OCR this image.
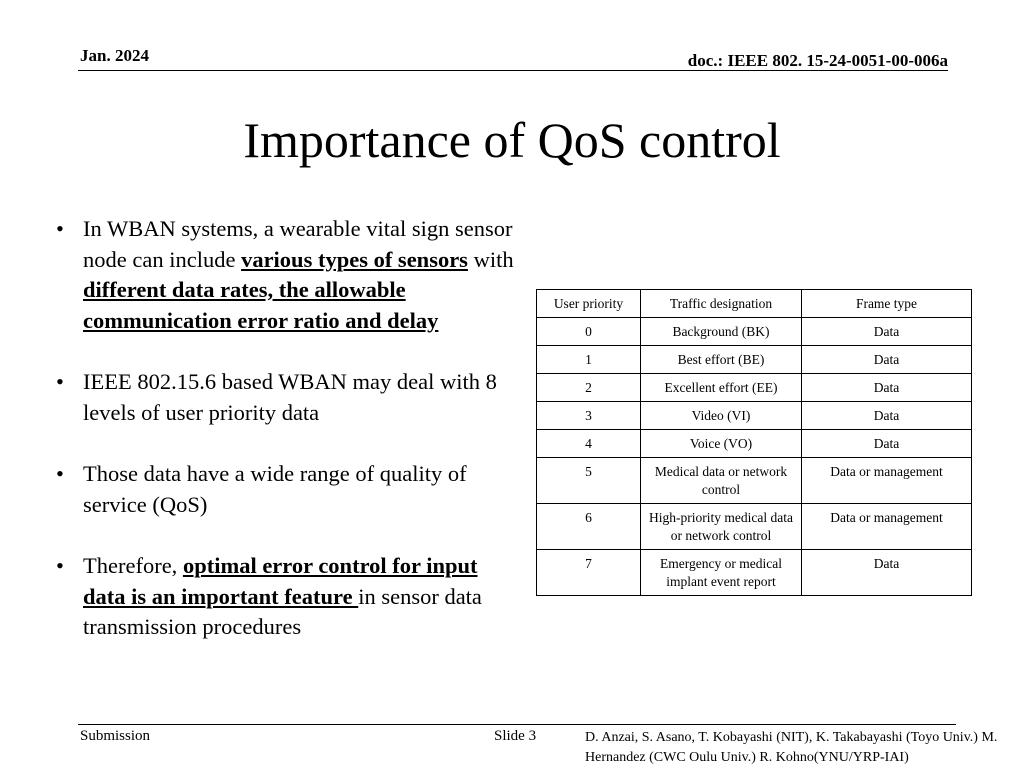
Jan. 2024	doc.: IEEE 802. 15-24-0051-00-006a
Importance of QoS control
• In WBAN systems, a wearable vital sign sensor node can include various types of sensors with different data rates, the allowable communication error ratio and delay
• IEEE 802.15.6 based WBAN may deal with 8 levels of user priority data
• Those data have a wide range of quality of service (QoS)
• Therefore, optimal error control for input data is an important feature in sensor data transmission procedures
User priority	Traffic designation	Frame type
0	Background (BK)	Data
1	Best effort (BE)	Data
2	Excellent effort (EE)	Data
3	Video (VI)	Data
4	Voice (VO)	Data
5	Medical data or network control	Data or management
6	High-priority medical data or network control	Data or management
7	Emergency or medical implant event report	Data
Submission	Slide 3	D. Anzai, S. Asano, T. Kobayashi (NIT), K. Takabayashi (Toyo Univ.) M. Hernandez (CWC Oulu Univ.) R. Kohno(YNU/YRP-IAI)
